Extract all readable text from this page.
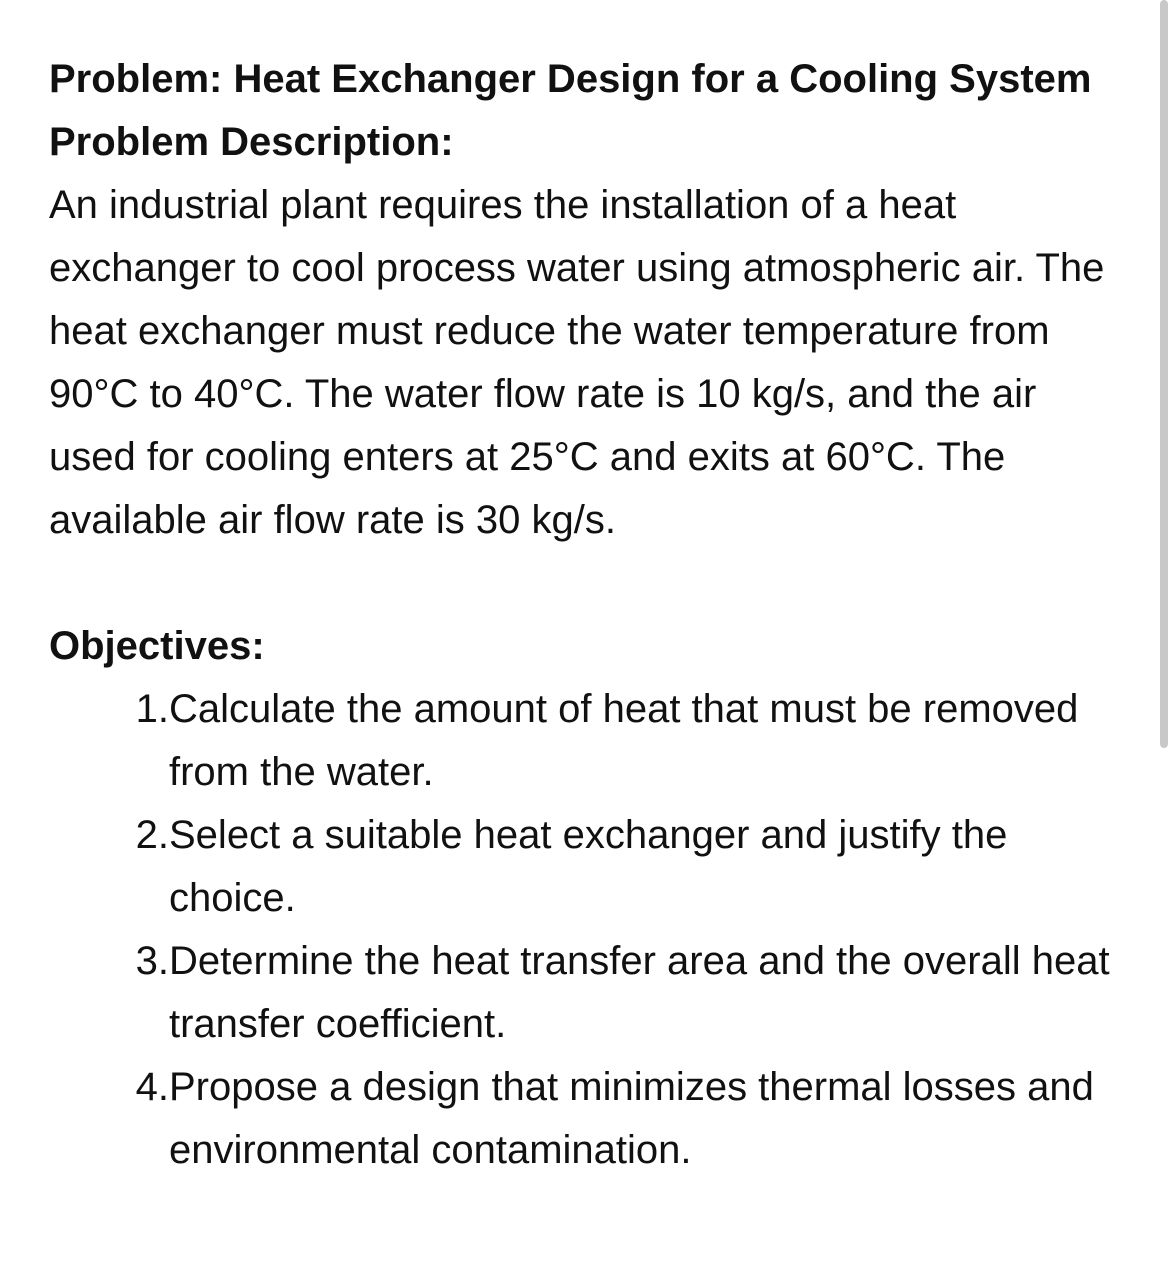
Problem: Heat Exchanger Design for a Cooling System
Problem Description:

An industrial plant requires the installation of a heat exchanger to cool process water using atmospheric air. The heat exchanger must reduce the water temperature from 90°C to 40°C. The water flow rate is 10 kg/s, and the air used for cooling enters at 25°C and exits at 60°C. The available air flow rate is 30 kg/s.

Objectives:
1. Calculate the amount of heat that must be removed from the water.
2. Select a suitable heat exchanger and justify the choice.
3. Determine the heat transfer area and the overall heat transfer coefficient.
4. Propose a design that minimizes thermal losses and environmental contamination.
